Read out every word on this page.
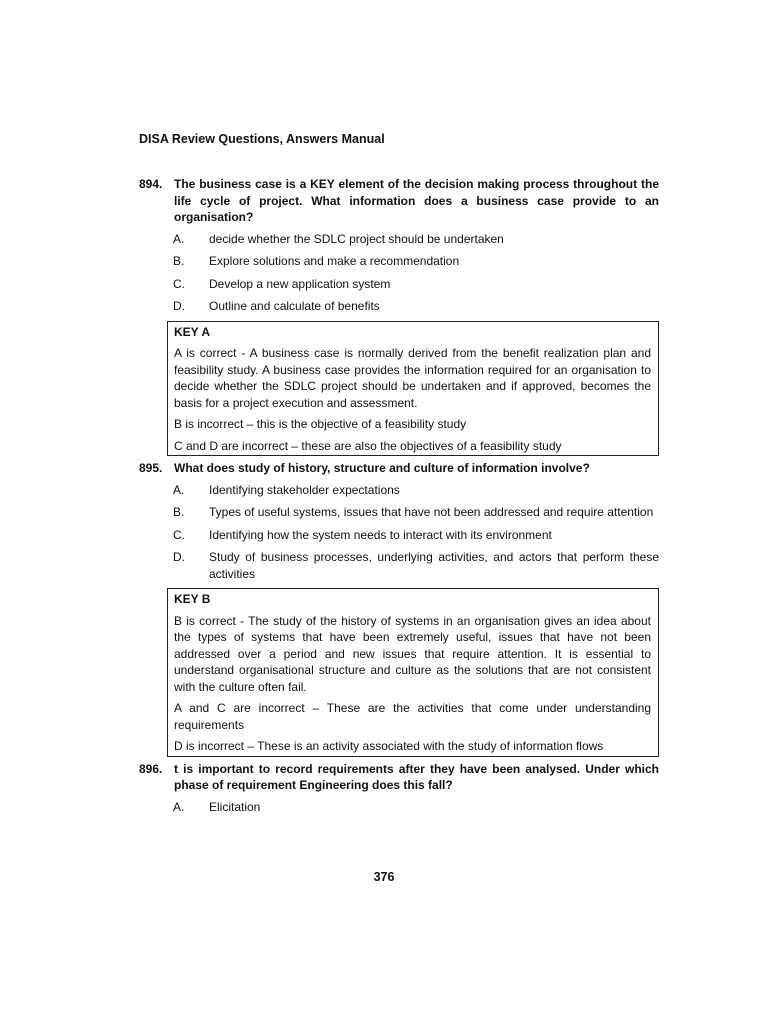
DISA Review Questions, Answers Manual
894. The business case is a KEY element of the decision making process throughout the life cycle of project. What information does a business case provide to an organisation?
A.	decide whether the SDLC project should be undertaken
B.	Explore solutions and make a recommendation
C.	Develop a new application system
D.	Outline and calculate of benefits
KEY A
A is correct - A business case is normally derived from the benefit realization plan and feasibility study. A business case provides the information required for an organisation to decide whether the SDLC project should be undertaken and if approved, becomes the basis for a project execution and assessment.
B is incorrect – this is the objective of a feasibility study
C and D are incorrect – these are also the objectives of a feasibility study
895. What does study of history, structure and culture of information involve?
A.	Identifying stakeholder expectations
B.	Types of useful systems, issues that have not been addressed and require attention
C.	Identifying how the system needs to interact with its environment
D.	Study of business processes, underlying activities, and actors that perform these activities
KEY B
B is correct - The study of the history of systems in an organisation gives an idea about the types of systems that have been extremely useful, issues that have not been addressed over a period and new issues that require attention. It is essential to understand organisational structure and culture as the solutions that are not consistent with the culture often fail.
A and C are incorrect – These are the activities that come under understanding requirements
D is incorrect – These is an activity associated with the study of information flows
896. t is important to record requirements after they have been analysed. Under which phase of requirement Engineering does this fall?
A.	Elicitation
376
